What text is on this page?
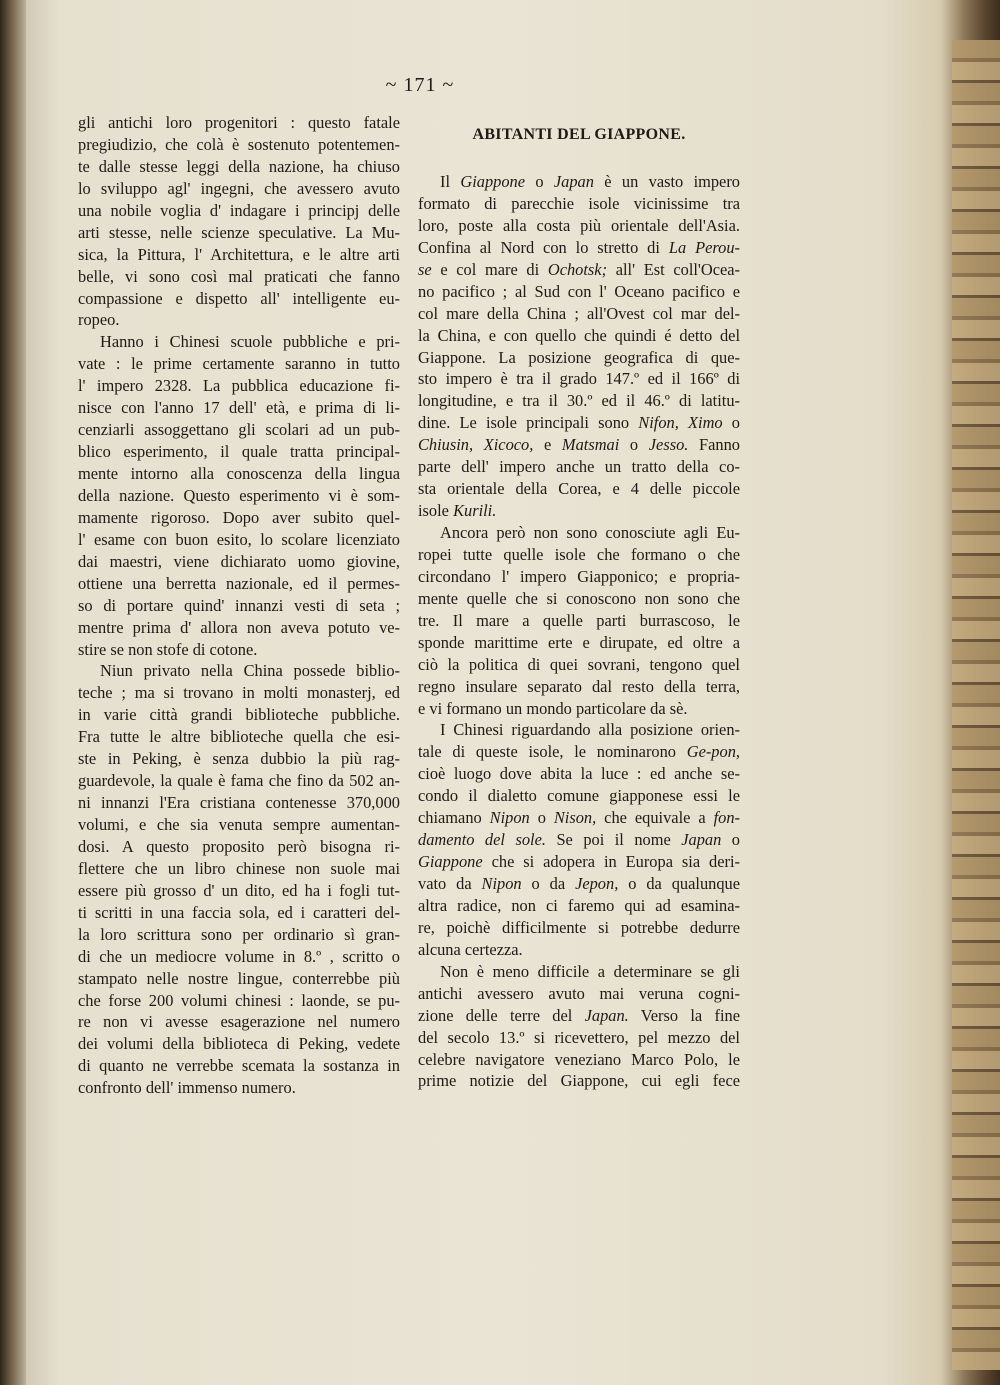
~ 171 ~
ABITANTI DEL GIAPPONE.
gli antichi loro progenitori : questo fatale
pregiudizio, che colà è sostenuto potentemen-
te dalle stesse leggi della nazione, ha chiuso
lo sviluppo agl' ingegni, che avessero avuto
una nobile voglia d' indagare i principj delle
arti stesse, nelle scienze speculative. La Mu-
sica, la Pittura, l' Architettura, e le altre arti
belle, vi sono così mal praticati che fanno
compassione e dispetto all' intelligente eu-
ropeo.
Hanno i Chinesi scuole pubbliche e pri-
vate : le prime certamente saranno in tutto
l' impero 2328. La pubblica educazione fi-
nisce con l'anno 17 dell' età, e prima di li-
cenziarli assoggettano gli scolari ad un pub-
blico esperimento, il quale tratta principal-
mente intorno alla conoscenza della lingua
della nazione. Questo esperimento vi è som-
mamente rigoroso. Dopo aver subito quel-
l' esame con buon esito, lo scolare licenziato
dai maestri, viene dichiarato uomo giovine,
ottiene una berretta nazionale, ed il permes-
so di portare quind' innanzi vesti di seta ;
mentre prima d' allora non aveva potuto ve-
stire se non stofe di cotone.
Niun privato nella China possede biblio-
teche ; ma si trovano in molti monasterj, ed
in varie città grandi biblioteche pubbliche.
Fra tutte le altre biblioteche quella che esi-
ste in Peking, è senza dubbio la più rag-
guardevole, la quale è fama che fino da 502 an-
ni innanzi l'Era cristiana contenesse 370,000
volumi, e che sia venuta sempre aumentan-
dosi. A questo proposito però bisogna ri-
flettere che un libro chinese non suole mai
essere più grosso d' un dito, ed ha i fogli tut-
ti scritti in una faccia sola, ed i caratteri del-
la loro scrittura sono per ordinario sì gran-
di che un mediocre volume in 8.º , scritto o
stampato nelle nostre lingue, conterrebbe più
che forse 200 volumi chinesi : laonde, se pu-
re non vi avesse esagerazione nel numero
dei volumi della biblioteca di Peking, vedete
di quanto ne verrebbe scemata la sostanza in
confronto dell' immenso numero.
Il Giappone o Japan è un vasto impero
formato di parecchie isole vicinissime tra
loro, poste alla costa più orientale dell'Asia.
Confina al Nord con lo stretto di La Perou-
se e col mare di Ochotsk; all' Est coll'Ocea-
no pacifico ; al Sud con l' Oceano pacifico e
col mare della China ; all'Ovest col mar del-
la China, e con quello che quindi é detto del
Giappone. La posizione geografica di que-
sto impero è tra il grado 147.º ed il 166º di
longitudine, e tra il 30.º ed il 46.º di latitu-
dine. Le isole principali sono Nifon, Ximo o
Chiusin, Xicoco, e Matsmai o Jesso. Fanno
parte dell' impero anche un tratto della co-
sta orientale della Corea, e 4 delle piccole
isole Kurili.
Ancora però non sono conosciute agli Eu-
ropei tutte quelle isole che formano o che
circondano l' impero Giapponico; e propria-
mente quelle che si conoscono non sono che
tre. Il mare a quelle parti burrascoso, le
sponde marittime erte e dirupate, ed oltre a
ciò la politica di quei sovrani, tengono quel
regno insulare separato dal resto della terra,
e vi formano un mondo particolare da sè.
I Chinesi riguardando alla posizione orien-
tale di queste isole, le nominarono Ge-pon,
cioè luogo dove abita la luce : ed anche se-
condo il dialetto comune giapponese essi le
chiamano Nipon o Nison, che equivale a fon-
damento del sole. Se poi il nome Japan o
Giappone che si adopera in Europa sia deri-
vato da Nipon o da Jepon, o da qualunque
altra radice, non ci faremo qui ad esamina-
re, poichè difficilmente si potrebbe dedurre
alcuna certezza.
Non è meno difficile a determinare se gli
antichi avessero avuto mai veruna cogni-
zione delle terre del Japan. Verso la fine
del secolo 13.º si ricevettero, pel mezzo del
celebre navigatore veneziano Marco Polo, le
prime notizie del Giappone, cui egli fece
